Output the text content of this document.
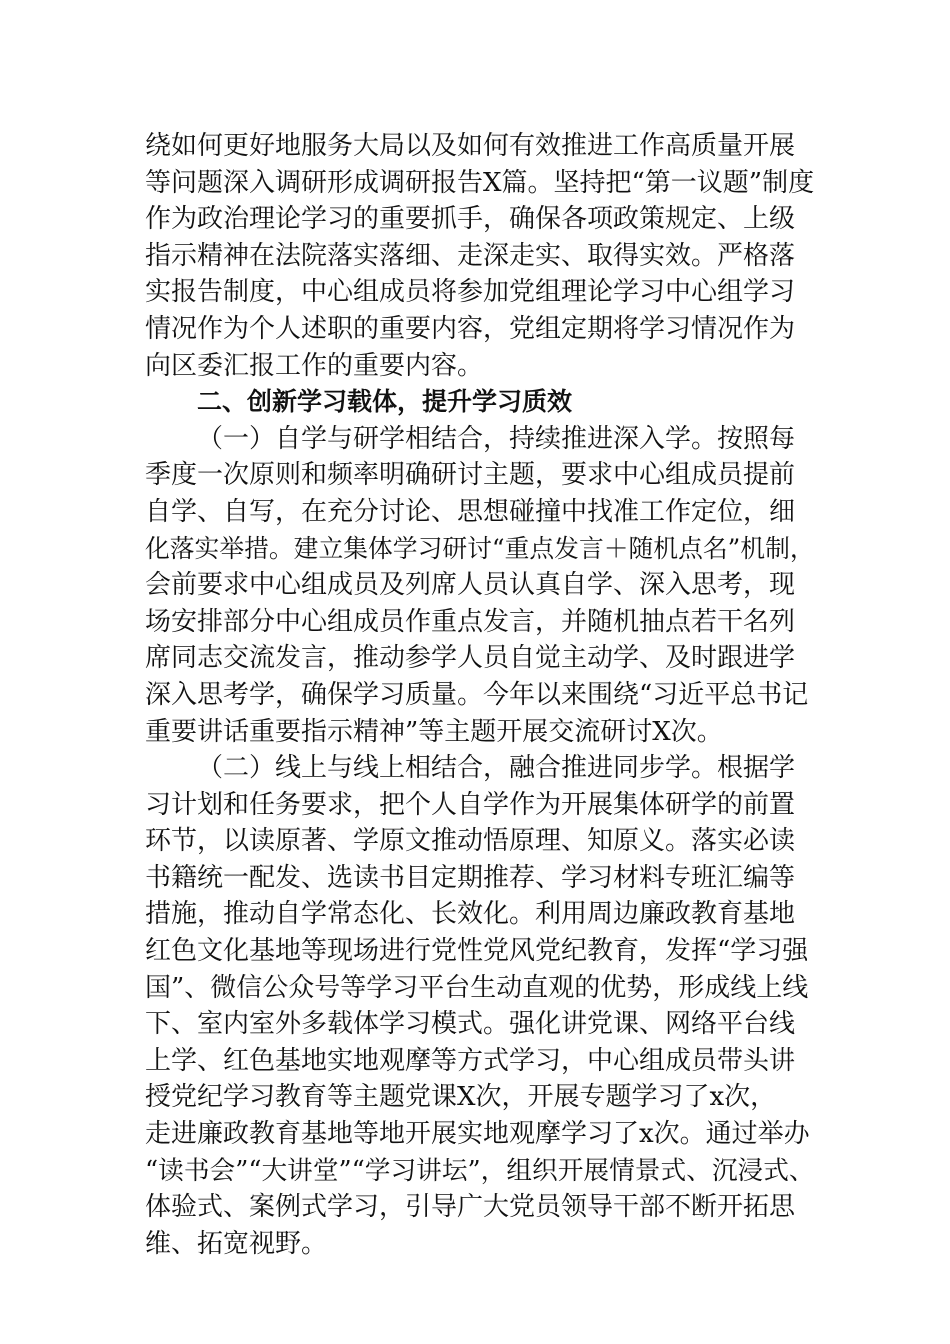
绕如何更好地服务大局以及如何有效推进工作高质量开展
等问题深入调研形成调研报告X篇。坚持把“第一议题”制度
作为政治理论学习的重要抓手，确保各项政策规定、上级
指示精神在法院落实落细、走深走实、取得实效。严格落
实报告制度，中心组成员将参加党组理论学习中心组学习
情况作为个人述职的重要内容，党组定期将学习情况作为
向区委汇报工作的重要内容。
二、创新学习载体，提升学习质效
（一）自学与研学相结合，持续推进深入学。按照每
季度一次原则和频率明确研讨主题，要求中心组成员提前
自学、自写，在充分讨论、思想碰撞中找准工作定位，细
化落实举措。建立集体学习研讨“重点发言＋随机点名”机制，
会前要求中心组成员及列席人员认真自学、深入思考，现
场安排部分中心组成员作重点发言，并随机抽点若干名列
席同志交流发言，推动参学人员自觉主动学、及时跟进学
深入思考学，确保学习质量。今年以来围绕“习近平总书记
重要讲话重要指示精神”等主题开展交流研讨X次。
（二）线上与线上相结合，融合推进同步学。根据学
习计划和任务要求，把个人自学作为开展集体研学的前置
环节，以读原著、学原文推动悟原理、知原义。落实必读
书籍统一配发、选读书目定期推荐、学习材料专班汇编等
措施，推动自学常态化、长效化。利用周边廉政教育基地
红色文化基地等现场进行党性党风党纪教育，发挥“学习强
国”、微信公众号等学习平台生动直观的优势，形成线上线
下、室内室外多载体学习模式。强化讲党课、网络平台线
上学、红色基地实地观摩等方式学习，中心组成员带头讲
授党纪学习教育等主题党课X次，开展专题学习了x次，
走进廉政教育基地等地开展实地观摩学习了x次。通过举办
“读书会”“大讲堂”“学习讲坛”，组织开展情景式、沉浸式、
体验式、案例式学习，引导广大党员领导干部不断开拓思
维、拓宽视野。
